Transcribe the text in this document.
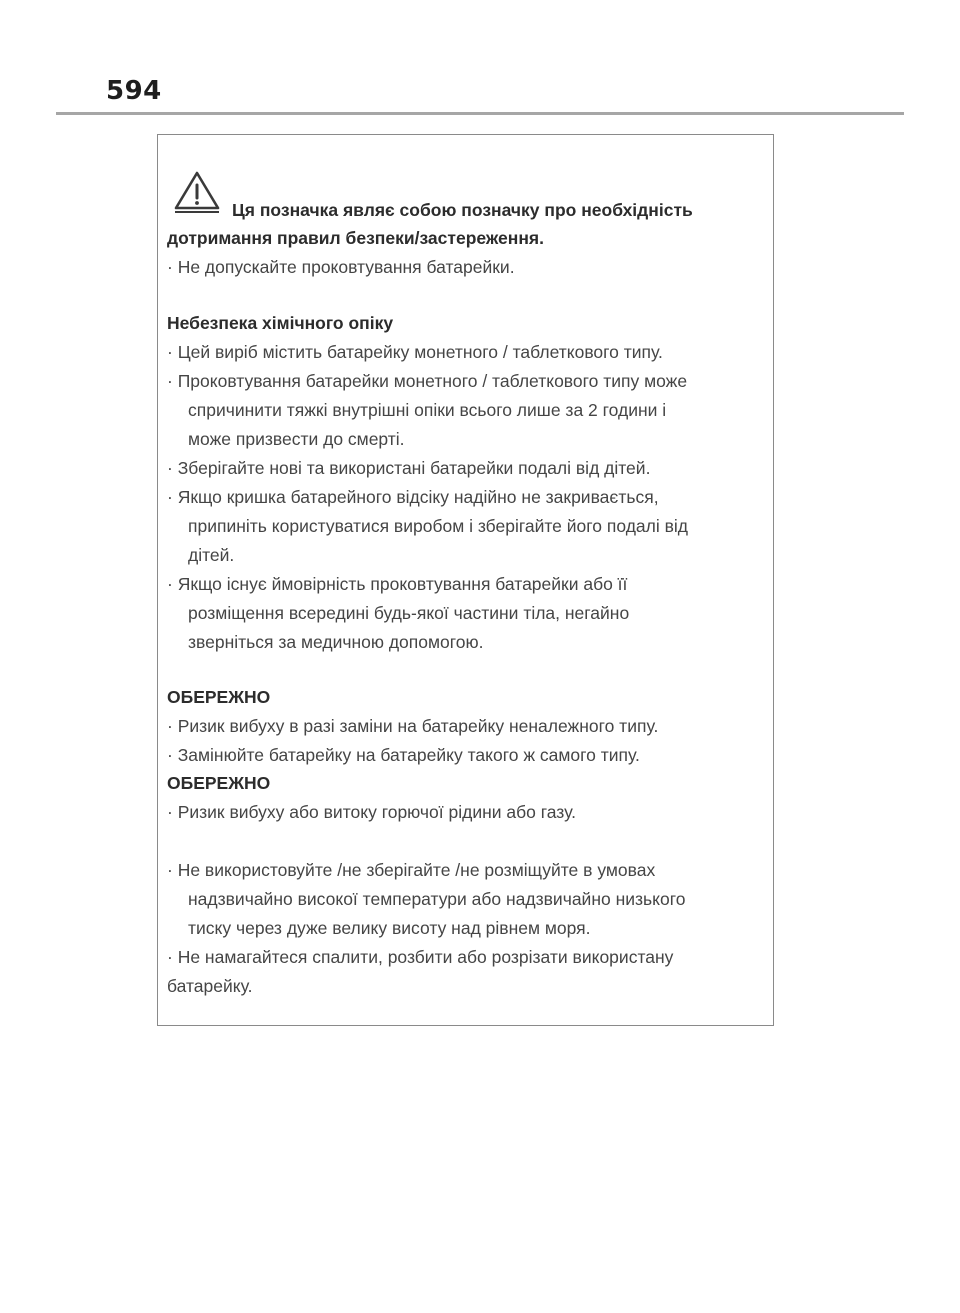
594
Ця позначка являє собою позначку про необхідність
дотримання правил безпеки/застереження.
· Не допускайте проковтування батарейки.
Небезпека хімічного опіку
· Цей виріб містить батарейку монетного / таблеткового типу.
· Проковтування батарейки монетного / таблеткового типу може
спричинити тяжкі внутрішні опіки всього лише за 2 години і
може призвести до смерті.
· Зберігайте нові та використані батарейки подалі від дітей.
· Якщо кришка батарейного відсіку надійно не закривається,
припиніть користуватися виробом і зберігайте його подалі від
дітей.
· Якщо існує ймовірність проковтування батарейки або її
розміщення всередині будь-якої частини тіла, негайно
зверніться за медичною допомогою.
ОБЕРЕЖНО
· Ризик вибуху в разі заміни на батарейку неналежного типу.
· Замінюйте батарейку на батарейку такого ж самого типу.
ОБЕРЕЖНО
· Ризик вибуху або витоку горючої рідини або газу.
· Не використовуйте /не зберігайте /не розміщуйте в умовах
надзвичайно високої температури або надзвичайно низького
тиску через дуже велику висоту над рівнем моря.
· Не намагайтеся спалити, розбити або розрізати використану
батарейку.
